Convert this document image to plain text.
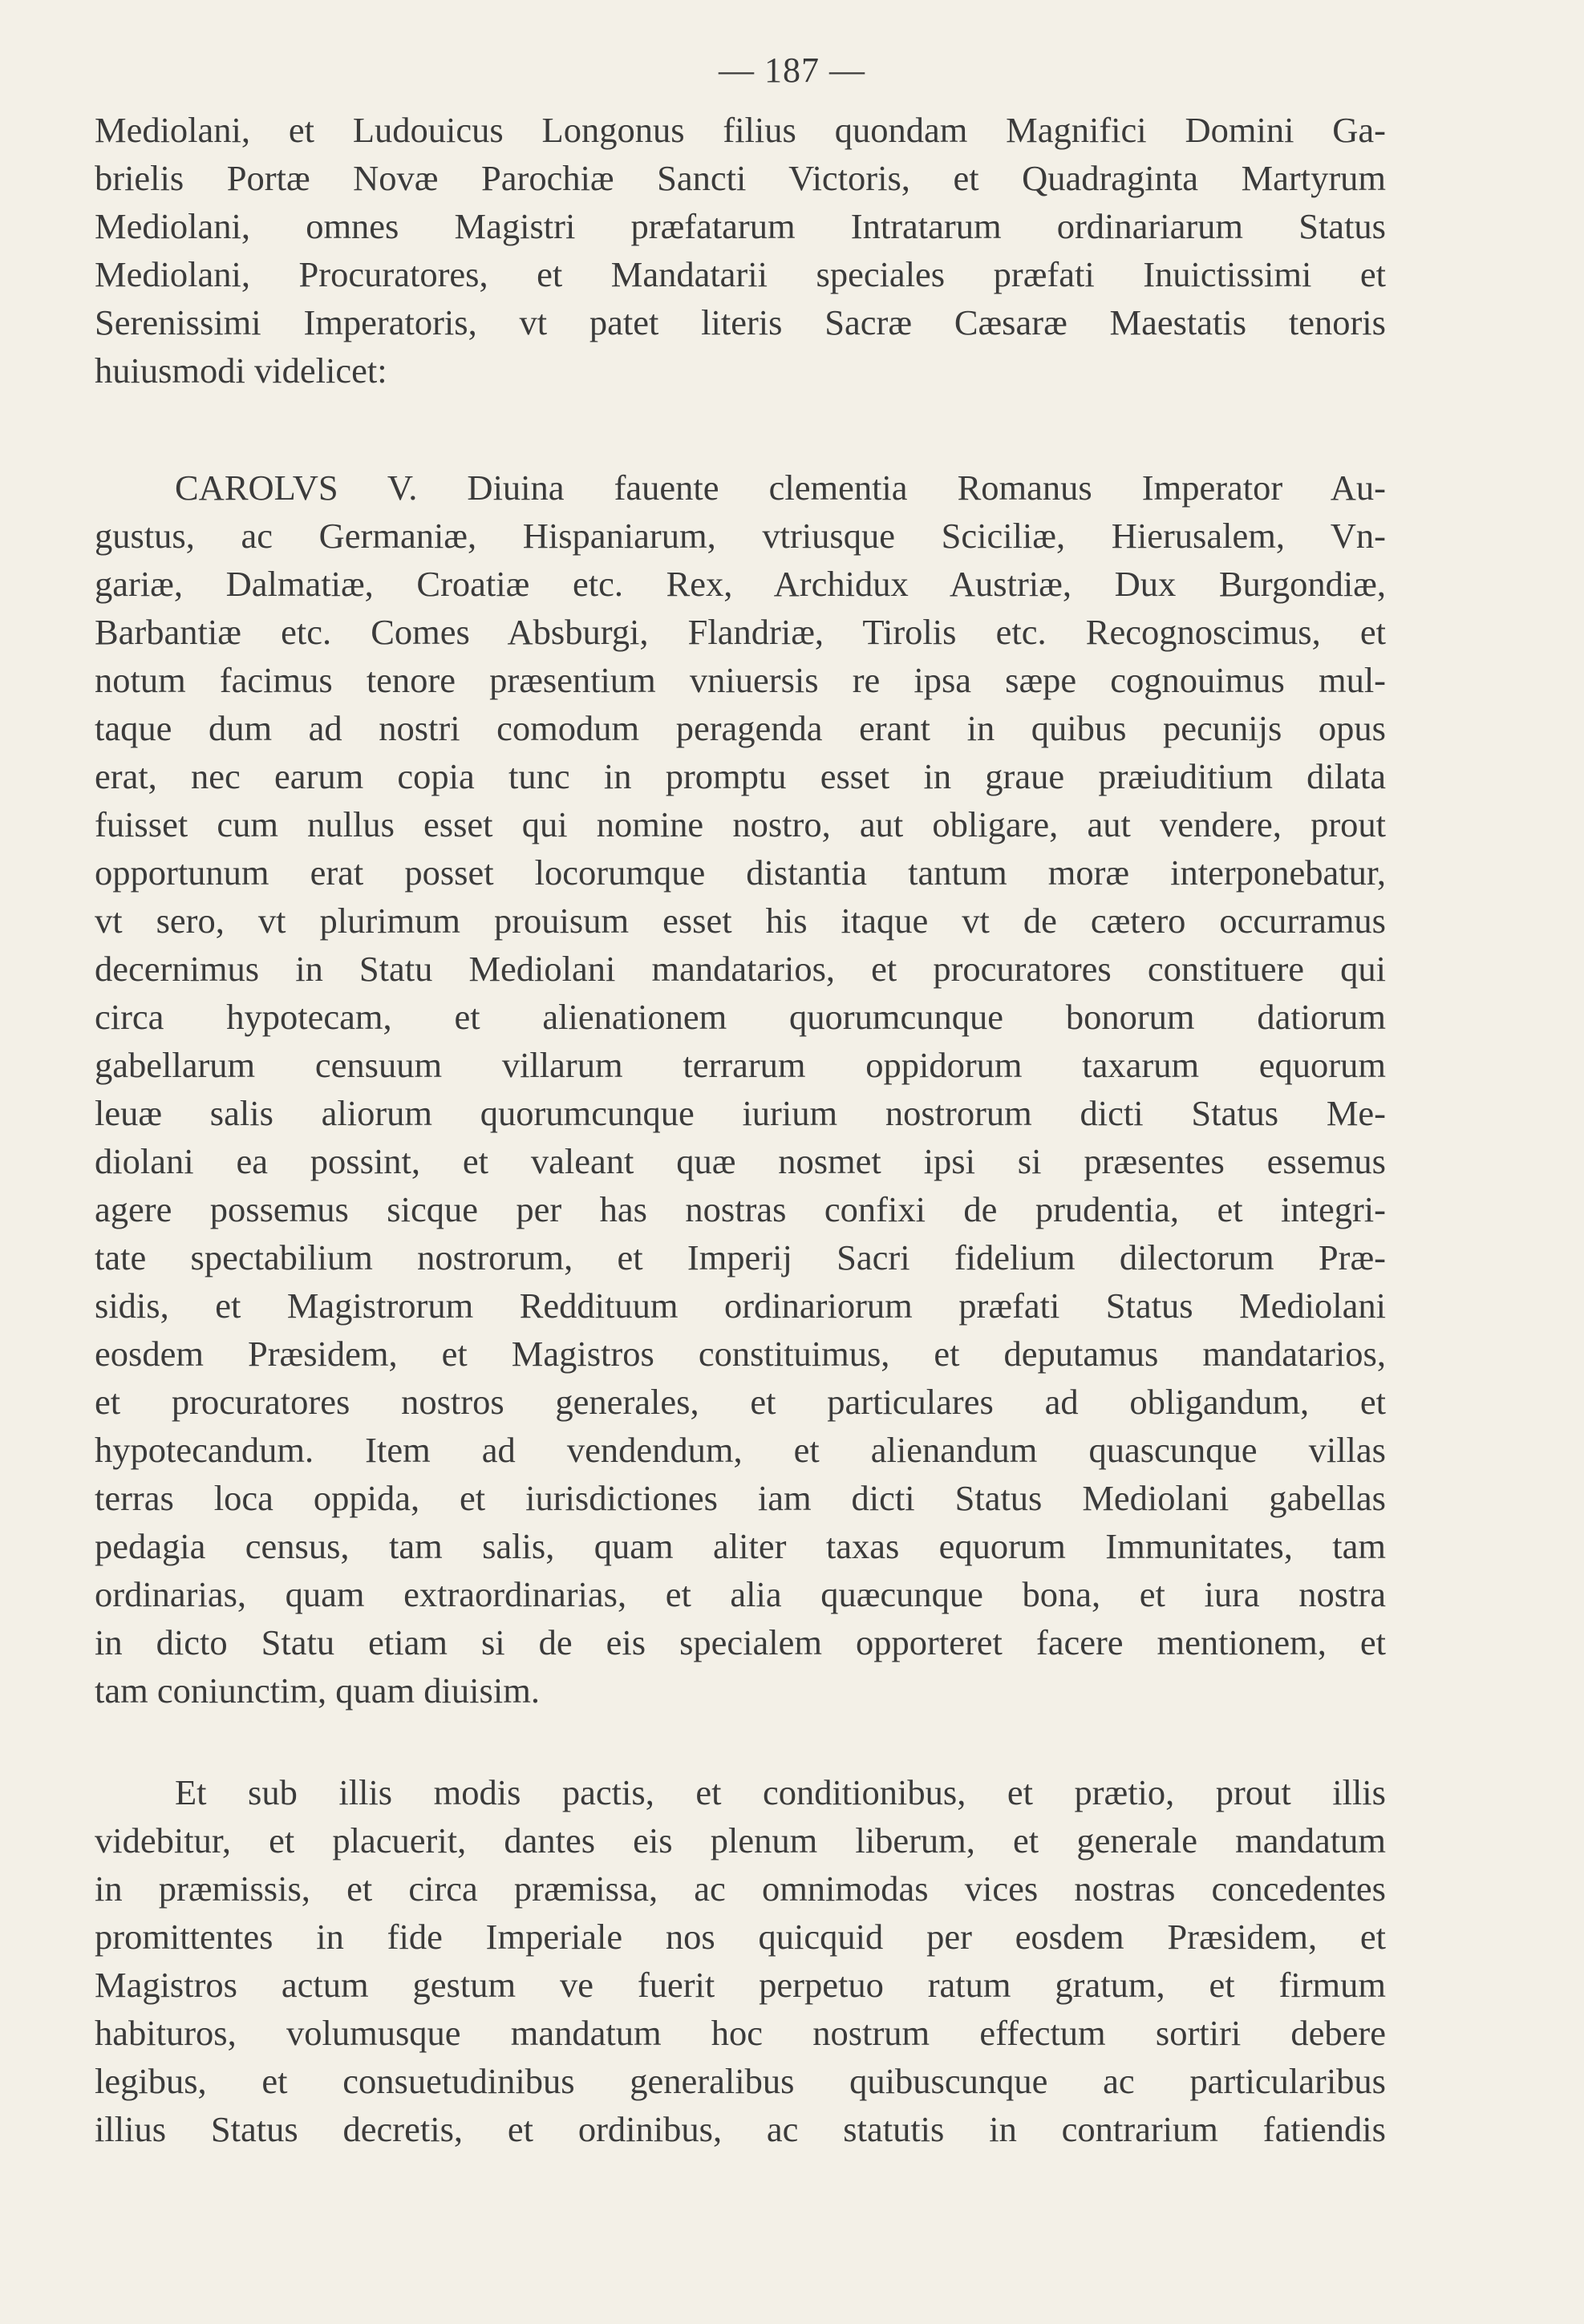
— 187 —
Mediolani, et Ludouicus Longonus filius quondam Magnifici Domini Ga-
brielis Portæ Novæ Parochiæ Sancti Victoris, et Quadraginta Martyrum
Mediolani, omnes Magistri præfatarum Intratarum ordinariarum Status
Mediolani, Procuratores, et Mandatarii speciales præfati Inuictissimi et
Serenissimi Imperatoris, vt patet literis Sacræ Cæsaræ Maestatis tenoris
huiusmodi videlicet:
CAROLVS V. Diuina fauente clementia Romanus Imperator Au-
gustus, ac Germaniæ, Hispaniarum, vtriusque Sciciliæ, Hierusalem, Vn-
gariæ, Dalmatiæ, Croatiæ etc. Rex, Archidux Austriæ, Dux Burgondiæ,
Barbantiæ etc. Comes Absburgi, Flandriæ, Tirolis etc. Recognoscimus, et
notum facimus tenore præsentium vniuersis re ipsa sæpe cognouimus mul-
taque dum ad nostri comodum peragenda erant in quibus pecunijs opus
erat, nec earum copia tunc in promptu esset in graue præiuditium dilata
fuisset cum nullus esset qui nomine nostro, aut obligare, aut vendere, prout
opportunum erat posset locorumque distantia tantum moræ interponebatur,
vt sero, vt plurimum prouisum esset his itaque vt de cætero occurramus
decernimus in Statu Mediolani mandatarios, et procuratores constituere qui
circa hypotecam, et alienationem quorumcunque bonorum datiorum
gabellarum censuum villarum terrarum oppidorum taxarum equorum
leuæ salis aliorum quorumcunque iurium nostrorum dicti Status Me-
diolani ea possint, et valeant quæ nosmet ipsi si præsentes essemus
agere possemus sicque per has nostras confixi de prudentia, et integri-
tate spectabilium nostrorum, et Imperij Sacri fidelium dilectorum Præ-
sidis, et Magistrorum Reddituum ordinariorum præfati Status Mediolani
eosdem Præsidem, et Magistros constituimus, et deputamus mandatarios,
et procuratores nostros generales, et particulares ad obligandum, et
hypotecandum. Item ad vendendum, et alienandum quascunque villas
terras loca oppida, et iurisdictiones iam dicti Status Mediolani gabellas
pedagia census, tam salis, quam aliter taxas equorum Immunitates, tam
ordinarias, quam extraordinarias, et alia quæcunque bona, et iura nostra
in dicto Statu etiam si de eis specialem opporteret facere mentionem, et
tam coniunctim, quam diuisim.
Et sub illis modis pactis, et conditionibus, et prætio, prout illis
videbitur, et placuerit, dantes eis plenum liberum, et generale mandatum
in præmissis, et circa præmissa, ac omnimodas vices nostras concedentes
promittentes in fide Imperiale nos quicquid per eosdem Præsidem, et
Magistros actum gestum ve fuerit perpetuo ratum gratum, et firmum
habituros, volumusque mandatum hoc nostrum effectum sortiri debere
legibus, et consuetudinibus generalibus quibuscunque ac particularibus
illius Status decretis, et ordinibus, ac statutis in contrarium fatiendis
